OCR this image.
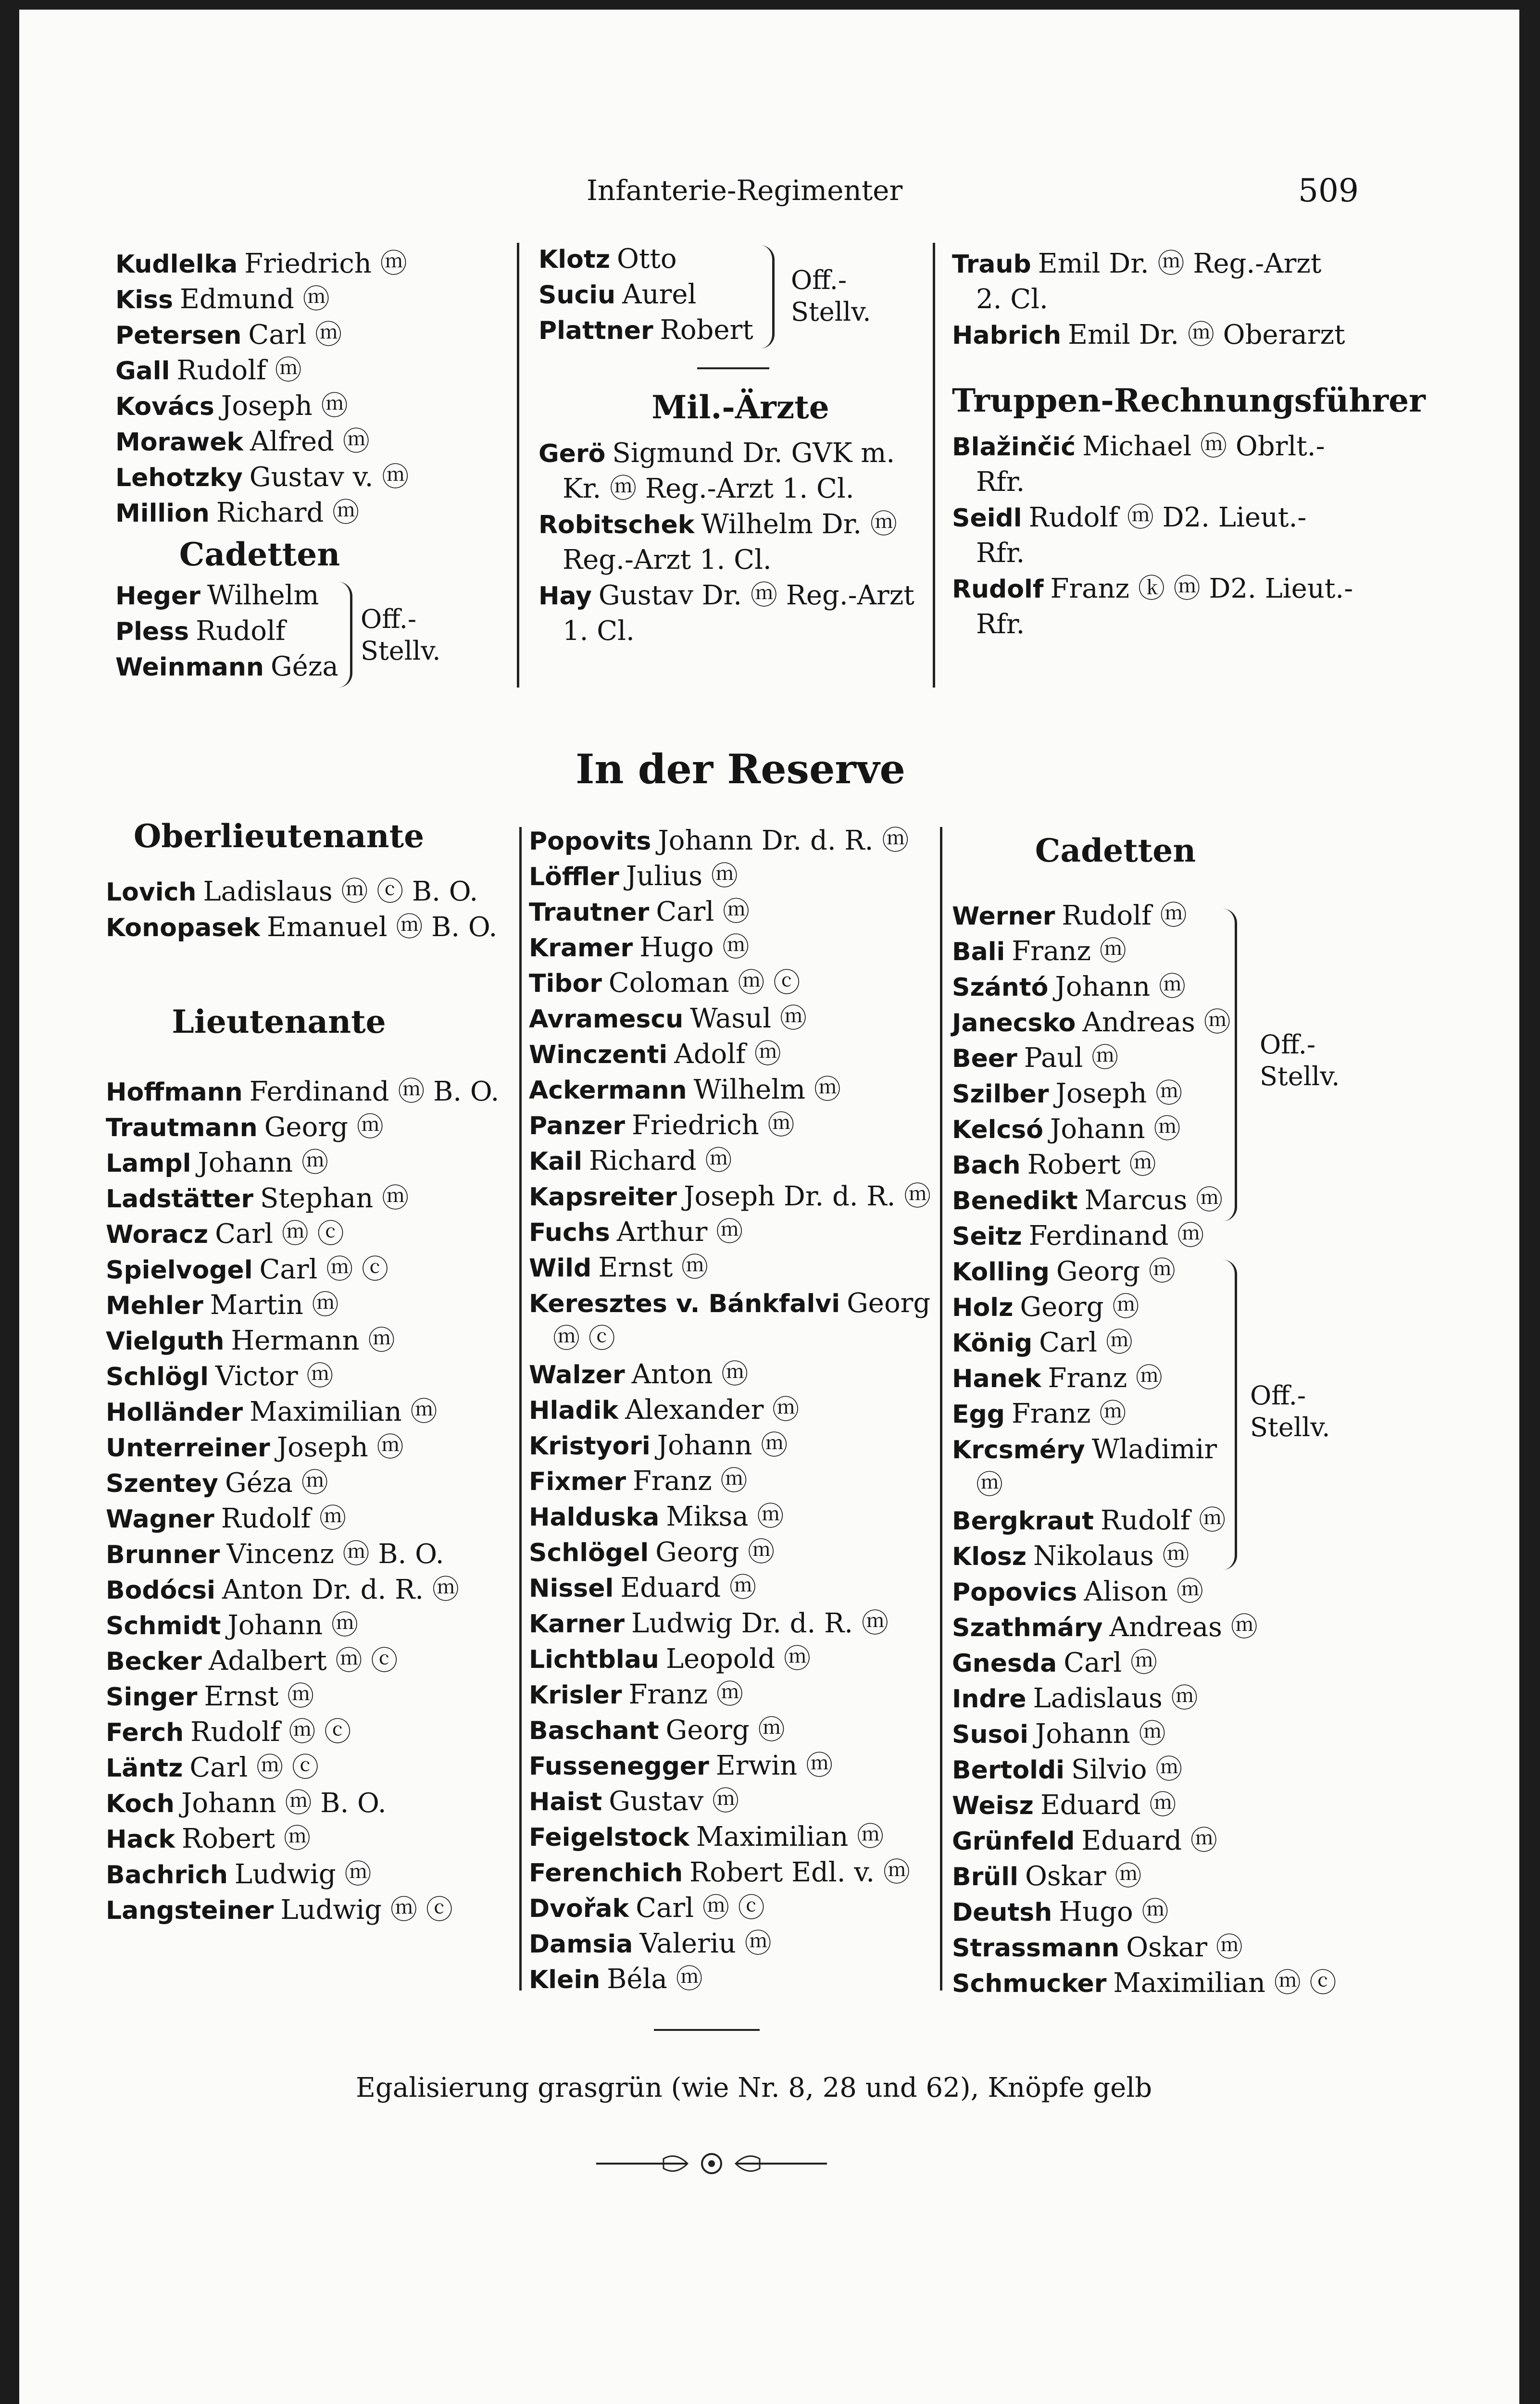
Infanterie-Regimenter	509
Kudlelka Friedrich ⓜ
Kiss Edmund ⓜ
Petersen Carl ⓜ
Gall Rudolf ⓜ
Kovács Joseph ⓜ
Morawek Alfred ⓜ
Lehotzky Gustav v. ⓜ
Million Richard ⓜ
Cadetten
Heger Wilhelm
Pless Rudolf
Weinmann Géza
Off.-
Stellv.
Klotz Otto
Suciu Aurel
Plattner Robert
Mil.-Ärzte
Gerö Sigmund Dr. GVK m.
Kr. ⓜ Reg.-Arzt 1. Cl.
Robitschek Wilhelm Dr. ⓜ
Reg.-Arzt 1. Cl.
Hay Gustav Dr. ⓜ Reg.-Arzt
1. Cl.
Off.-
Stellv.
Traub Emil Dr. ⓜ Reg.-Arzt
2. Cl.
Habrich Emil Dr. ⓜ Oberarzt
Truppen-Rechnungsführer
Blažinčić Michael ⓜ Obrlt.-
Rfr.
Seidl Rudolf ⓜ D2. Lieut.-
Rfr.
Rudolf Franz ⓚ ⓜ D2. Lieut.-
Rfr.
In der Reserve
Oberlieutenante
Lovich Ladislaus ⓜ ⓒ B. O.
Konopasek Emanuel ⓜ B. O.
Lieutenante
Hoffmann Ferdinand ⓜ B. O.
Trautmann Georg ⓜ
Lampl Johann ⓜ
Ladstätter Stephan ⓜ
Woracz Carl ⓜ ⓒ
Spielvogel Carl ⓜ ⓒ
Mehler Martin ⓜ
Vielguth Hermann ⓜ
Schlögl Victor ⓜ
Holländer Maximilian ⓜ
Unterreiner Joseph ⓜ
Szentey Géza ⓜ
Wagner Rudolf ⓜ
Brunner Vincenz ⓜ B. O.
Bodócsi Anton Dr. d. R. ⓜ
Schmidt Johann ⓜ
Becker Adalbert ⓜ ⓒ
Singer Ernst ⓜ
Ferch Rudolf ⓜ ⓒ
Läntz Carl ⓜ ⓒ
Koch Johann ⓜ B. O.
Hack Robert ⓜ
Bachrich Ludwig ⓜ
Langsteiner Ludwig ⓜ ⓒ
Popovits Johann Dr. d. R. ⓜ
Löffler Julius ⓜ
Trautner Carl ⓜ
Kramer Hugo ⓜ
Tibor Coloman ⓜ ⓒ
Avramescu Wasul ⓜ
Winczenti Adolf ⓜ
Ackermann Wilhelm ⓜ
Panzer Friedrich ⓜ
Kail Richard ⓜ
Kapsreiter Joseph Dr. d. R. ⓜ
Fuchs Arthur ⓜ
Wild Ernst ⓜ
Keresztes v. Bánkfalvi Georg
ⓜ ⓒ
Walzer Anton ⓜ
Hladik Alexander ⓜ
Kristyori Johann ⓜ
Fixmer Franz ⓜ
Halduska Miksa ⓜ
Schlögel Georg ⓜ
Nissel Eduard ⓜ
Karner Ludwig Dr. d. R. ⓜ
Lichtblau Leopold ⓜ
Krisler Franz ⓜ
Baschant Georg ⓜ
Fussenegger Erwin ⓜ
Haist Gustav ⓜ
Feigelstock Maximilian ⓜ
Ferenchich Robert Edl. v. ⓜ
Dvořak Carl ⓜ ⓒ
Damsia Valeriu ⓜ
Klein Béla ⓜ
Cadetten
Werner Rudolf ⓜ
Bali Franz ⓜ
Szántó Johann ⓜ
Janecsko Andreas ⓜ
Beer Paul ⓜ
Szilber Joseph ⓜ
Kelcsó Johann ⓜ
Bach Robert ⓜ
Benedikt Marcus ⓜ
Seitz Ferdinand ⓜ
Kolling Georg ⓜ
Holz Georg ⓜ
König Carl ⓜ
Hanek Franz ⓜ
Egg Franz ⓜ
Krcsméry Wladimir
ⓜ
Bergkraut Rudolf ⓜ
Klosz Nikolaus ⓜ
Popovics Alison ⓜ
Szathmáry Andreas ⓜ
Gnesda Carl ⓜ
Indre Ladislaus ⓜ
Susoi Johann ⓜ
Bertoldi Silvio ⓜ
Weisz Eduard ⓜ
Grünfeld Eduard ⓜ
Brüll Oskar ⓜ
Deutsh Hugo ⓜ
Strassmann Oskar ⓜ
Schmucker Maximilian ⓜ ⓒ
Off.-
Stellv.
Off.-
Stellv.
Egalisierung grasgrün (wie Nr. 8, 28 und 62), Knöpfe gelb
